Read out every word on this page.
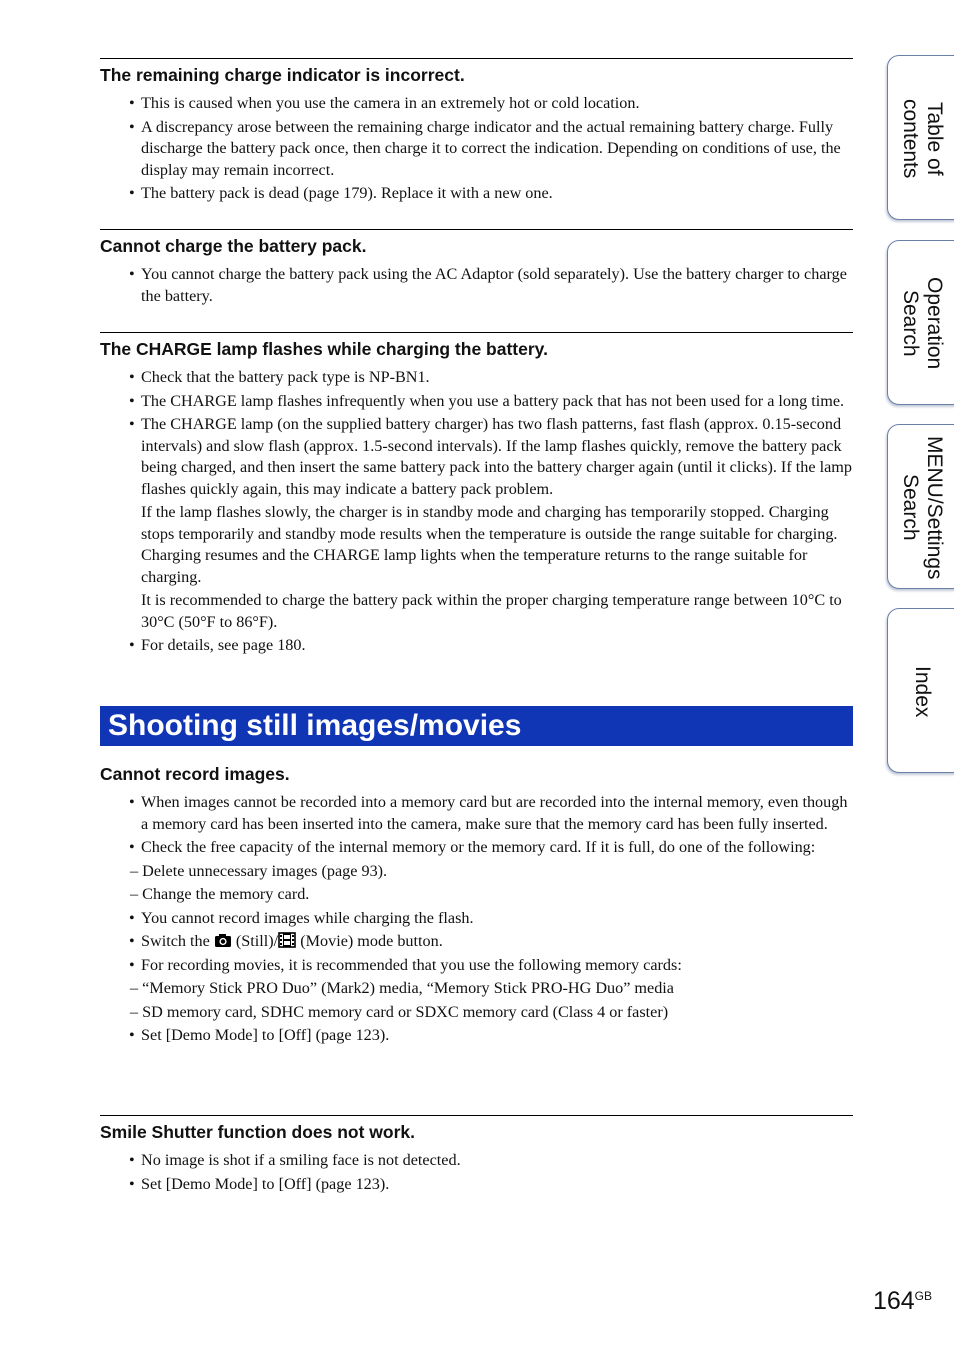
The remaining charge indicator is incorrect.
• This is caused when you use the camera in an extremely hot or cold location.
• A discrepancy arose between the remaining charge indicator and the actual remaining battery charge. Fully discharge the battery pack once, then charge it to correct the indication. Depending on conditions of use, the display may remain incorrect.
• The battery pack is dead (page 179). Replace it with a new one.
Cannot charge the battery pack.
• You cannot charge the battery pack using the AC Adaptor (sold separately). Use the battery charger to charge the battery.
The CHARGE lamp flashes while charging the battery.
• Check that the battery pack type is NP-BN1.
• The CHARGE lamp flashes infrequently when you use a battery pack that has not been used for a long time.
• The CHARGE lamp (on the supplied battery charger) has two flash patterns, fast flash (approx. 0.15-second intervals) and slow flash (approx. 1.5-second intervals). If the lamp flashes quickly, remove the battery pack being charged, and then insert the same battery pack into the battery charger again (until it clicks). If the lamp flashes quickly again, this may indicate a battery pack problem.
If the lamp flashes slowly, the charger is in standby mode and charging has temporarily stopped. Charging stops temporarily and standby mode results when the temperature is outside the range suitable for charging. Charging resumes and the CHARGE lamp lights when the temperature returns to the range suitable for charging.
It is recommended to charge the battery pack within the proper charging temperature range between 10°C to 30°C (50°F to 86°F).
• For details, see page 180.
Cannot record images.
• When images cannot be recorded into a memory card but are recorded into the internal memory, even though a memory card has been inserted into the camera, make sure that the memory card has been fully inserted.
• Check the free capacity of the internal memory or the memory card. If it is full, do one of the following:
– Delete unnecessary images (page 93).
– Change the memory card.
• You cannot record images while charging the flash.
• Switch the (Still)/ (Movie) mode button.
• For recording movies, it is recommended that you use the following memory cards:
– “Memory Stick PRO Duo” (Mark2) media, “Memory Stick PRO-HG Duo” media
– SD memory card, SDHC memory card or SDXC memory card (Class 4 or faster)
• Set [Demo Mode] to [Off] (page 123).
Smile Shutter function does not work.
• No image is shot if a smiling face is not detected.
• Set [Demo Mode] to [Off] (page 123).
Shooting still images/movies
Table of
contents
Operation
Search
MENU/Settings
Search
Index
$164^{GB}$
